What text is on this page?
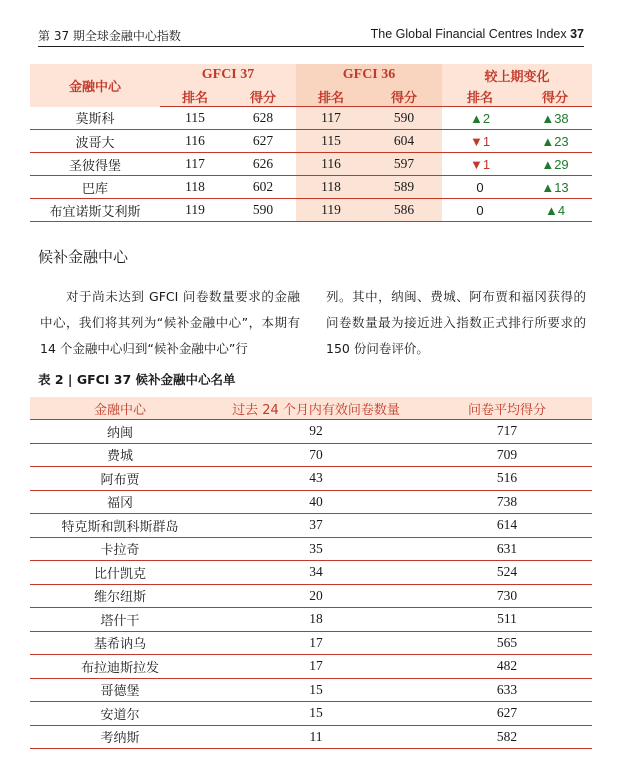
第 37 期全球金融中心指数	The Global Financial Centres Index 37
金融中心	GFCI 37		GFCI 36		较上期变化	
	排名	得分	排名	得分	排名	得分
莫斯科	115	628	117	590	▲2	▲38
波哥大	116	627	115	604	▼1	▲23
圣彼得堡	117	626	116	597	▼1	▲29
巴库	118	602	118	589	0	▲13
布宜诺斯艾利斯	119	590	119	586	0	▲4
候补金融中心

对于尚未达到 GFCI 问卷数量要求的金融中心，我们将其列为“候补金融中心”，本期有 14 个金融中心归到“候补金融中心”行

列。其中，纳闽、费城、阿布贾和福冈获得的问卷数量最为接近进入指数正式排行所要求的 150 份问卷评价。

表 2 | GFCI 37 候补金融中心名单

金融中心	过去 24 个月内有效问卷数量	问卷平均得分
纳闽	92	717
费城	70	709
阿布贾	43	516
福冈	40	738
特克斯和凯科斯群岛	37	614
卡拉奇	35	631
比什凯克	34	524
维尔纽斯	20	730
塔什干	18	511
基希讷乌	17	565
布拉迪斯拉发	17	482
哥德堡	15	633
安道尔	15	627
考纳斯	11	582
